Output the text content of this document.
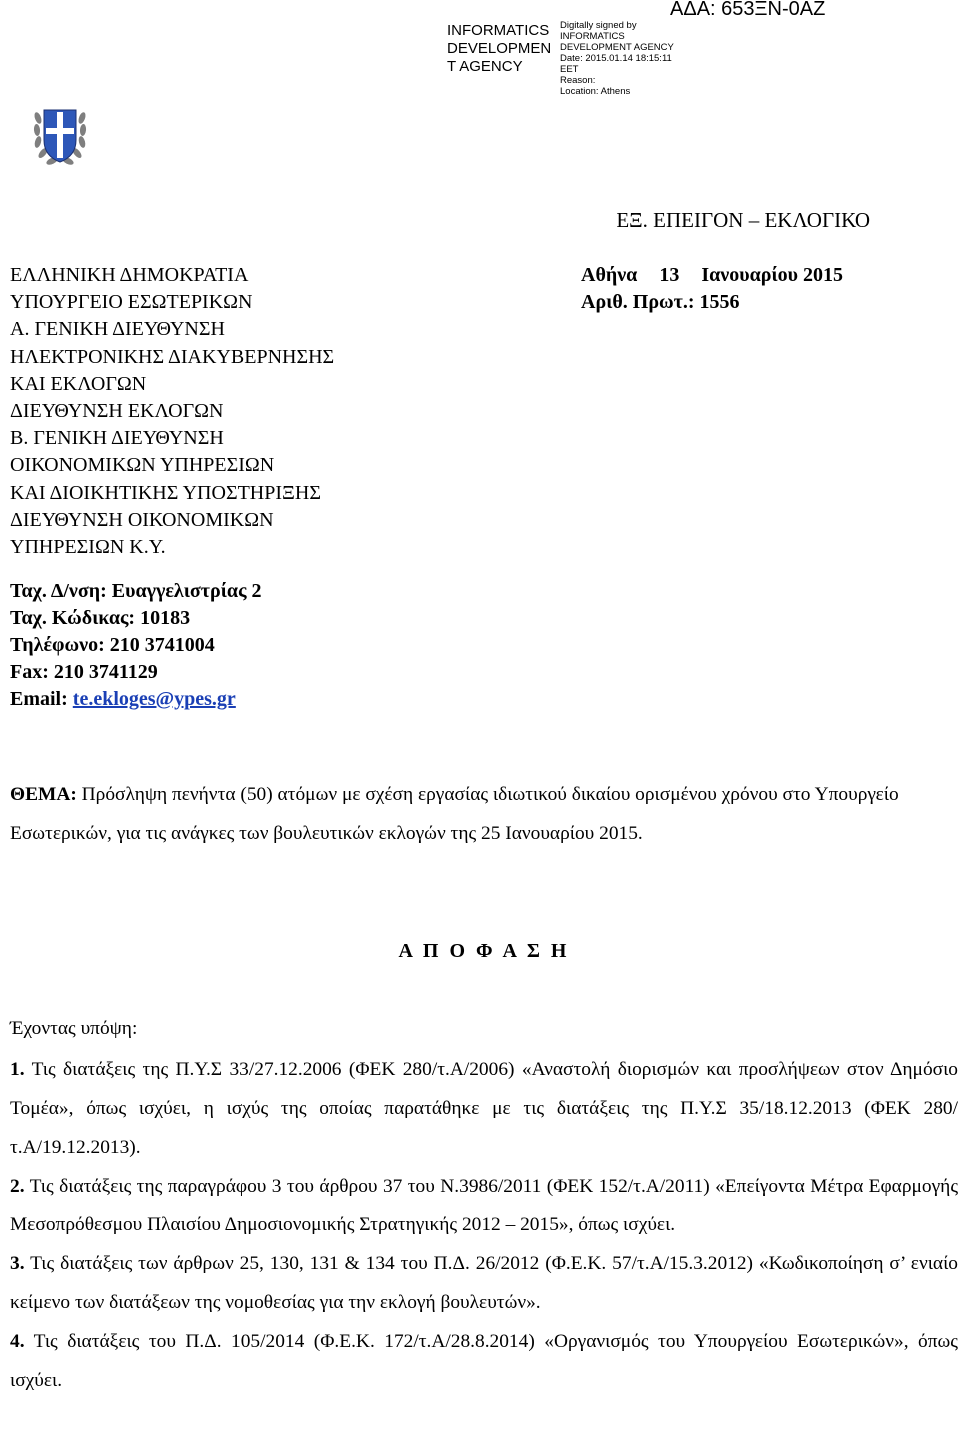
INFORMATICS
DEVELOPMEN
T AGENCY
Digitally signed by
INFORMATICS
DEVELOPMENT AGENCY
Date: 2015.01.14 18:15:11
EET
Reason:
Location: Athens
ΑΔΑ: 653ΞΝ-0ΑΖ
ΕΞ. ΕΠΕΙΓΟΝ – ΕΚΛΟΓΙΚΟ
ΕΛΛΗΝΙΚΗ ΔΗΜΟΚΡΑΤΙΑ
ΥΠΟΥΡΓΕΙΟ ΕΣΩΤΕΡΙΚΩΝ
Α. ΓΕΝΙΚΗ ΔΙΕΥΘΥΝΣΗ
ΗΛΕΚΤΡΟΝΙΚΗΣ ΔΙΑΚΥΒΕΡΝΗΣΗΣ
ΚΑΙ ΕΚΛΟΓΩΝ
ΔΙΕΥΘΥΝΣΗ ΕΚΛΟΓΩΝ
Β. ΓΕΝΙΚΗ ΔΙΕΥΘΥΝΣΗ
ΟΙΚΟΝΟΜΙΚΩΝ ΥΠΗΡΕΣΙΩΝ
ΚΑΙ ΔΙΟΙΚΗΤΙΚΗΣ ΥΠΟΣΤΗΡΙΞΗΣ
ΔΙΕΥΘΥΝΣΗ ΟΙΚΟΝΟΜΙΚΩΝ
ΥΠΗΡΕΣΙΩΝ Κ.Υ.
Αθήνα 13 Ιανουαρίου 2015
Αριθ. Πρωτ.: 1556
Ταχ. Δ/νση: Ευαγγελιστρίας 2
Ταχ. Κώδικας: 10183
Τηλέφωνο: 210 3741004
Fax: 210 3741129
Email: te.ekloges@ypes.gr
ΘΕΜΑ: Πρόσληψη πενήντα (50) ατόμων με σχέση εργασίας ιδιωτικού δικαίου ορισμένου χρόνου στο Υπουργείο Εσωτερικών, για τις ανάγκες των βουλευτικών εκλογών της 25 Ιανουαρίου 2015.
Α Π Ο Φ Α Σ Η
Έχοντας υπόψη:

1. Τις διατάξεις της Π.Υ.Σ 33/27.12.2006 (ΦΕΚ 280/τ.Α/2006) «Αναστολή διορισμών και προσλήψεων στον Δημόσιο Τομέα», όπως ισχύει, η ισχύς της οποίας παρατάθηκε με τις διατάξεις της Π.Υ.Σ 35/18.12.2013 (ΦΕΚ 280/τ.Α/19.12.2013).

2. Τις διατάξεις της παραγράφου 3 του άρθρου 37 του Ν.3986/2011 (ΦΕΚ 152/τ.Α/2011) «Επείγοντα Μέτρα Εφαρμογής Μεσοπρόθεσμου Πλαισίου Δημοσιονομικής Στρατηγικής 2012 – 2015», όπως ισχύει.

3. Τις διατάξεις των άρθρων 25, 130, 131 & 134 του Π.Δ. 26/2012 (Φ.Ε.Κ. 57/τ.Α/15.3.2012) «Κωδικοποίηση σ’ ενιαίο κείμενο των διατάξεων της νομοθεσίας για την εκλογή βουλευτών».

4. Τις διατάξεις του Π.Δ. 105/2014 (Φ.Ε.Κ. 172/τ.Α/28.8.2014) «Οργανισμός του Υπουργείου Εσωτερικών», όπως ισχύει.
